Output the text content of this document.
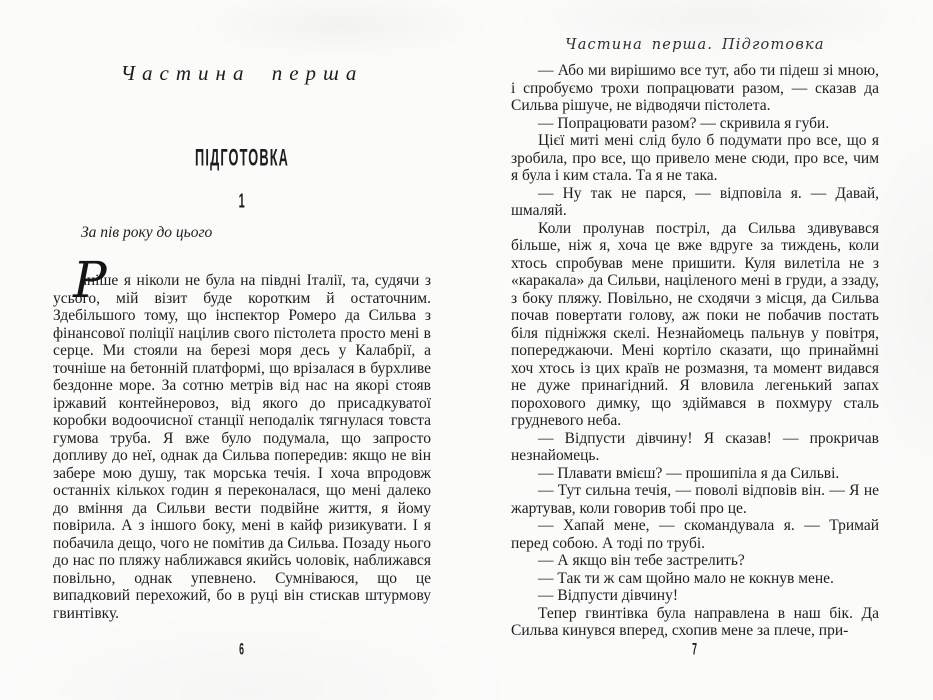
Частина перша
ПІДГОТОВКА
1
За пів року до цього

Р
аніше я ніколи не була на півдні Італії, та, судячи з усього, мій візит буде коротким й остаточним. Здебільшого тому, що інспектор Ромеро да Сильва з фінансової поліції націлив свого пістолета просто мені в серце. Ми стояли на березі моря десь у Калабрії, а точніше на бетонній платформі, що врізалася в бурхливе бездонне море. За сотню метрів від нас на якорі стояв іржавий контейнеровоз, від якого до присадкуватої коробки водоочисної станції неподалік тягнулася товста гумова труба. Я вже було подумала, що запросто допливу до неї, однак да Сильва попередив: якщо не він забере мою душу, так морська течія. І хоча впродовж останніх кількох годин я переконалася, що мені далеко до вміння да Сильви вести подвійне життя, я йому повірила. А з іншого боку, мені в кайф ризикувати. І я побачила дещо, чого не помітив да Сильва. Позаду нього до нас по пляжу наближався якийсь чоловік, наближався повільно, однак упевнено. Сумніваюся, що це випадковий перехожий, бо в руці він стискав штурмову гвинтівку.

6
Частина перша. Підготовка

— Або ми вирішимо все тут, або ти підеш зі мною, і спробуємо трохи попрацювати разом, — сказав да Сильва рішуче, не відводячи пістолета.

— Попрацювати разом? — скривила я губи.

Цієї миті мені слід було б подумати про все, що я зробила, про все, що привело мене сюди, про все, чим я була і ким стала. Та я не така.

— Ну так не парся, — відповіла я. — Давай, шмаляй.

Коли пролунав постріл, да Сильва здивувався більше, ніж я, хоча це вже вдруге за тиждень, коли хтось спробував мене пришити. Куля вилетіла не з «каракала» да Сильви, націленого мені в груди, а ззаду, з боку пляжу. Повільно, не сходячи з місця, да Сильва почав повертати голову, аж поки не побачив постать біля підніжжя скелі. Незнайомець пальнув у повітря, попереджаючи. Мені кортіло сказати, що принаймні хоч хтось із цих країв не розмазня, та момент видався не дуже принагідний. Я вловила легенький запах порохового димку, що здіймався в похмуру сталь грудневого неба.

— Відпусти дівчину! Я сказав! — прокричав незнайомець.

— Плавати вмієш? — прошипіла я да Сильві.

— Тут сильна течія, — поволі відповів він. — Я не жартував, коли говорив тобі про це.

— Хапай мене, — скомандувала я. — Тримай перед собою. А тоді по трубі.

— А якщо він тебе застрелить?

— Так ти ж сам щойно мало не кокнув мене.

— Відпусти дівчину!

Тепер гвинтівка була направлена в наш бік. Да Сильва кинувся вперед, схопив мене за плече, при-

7
